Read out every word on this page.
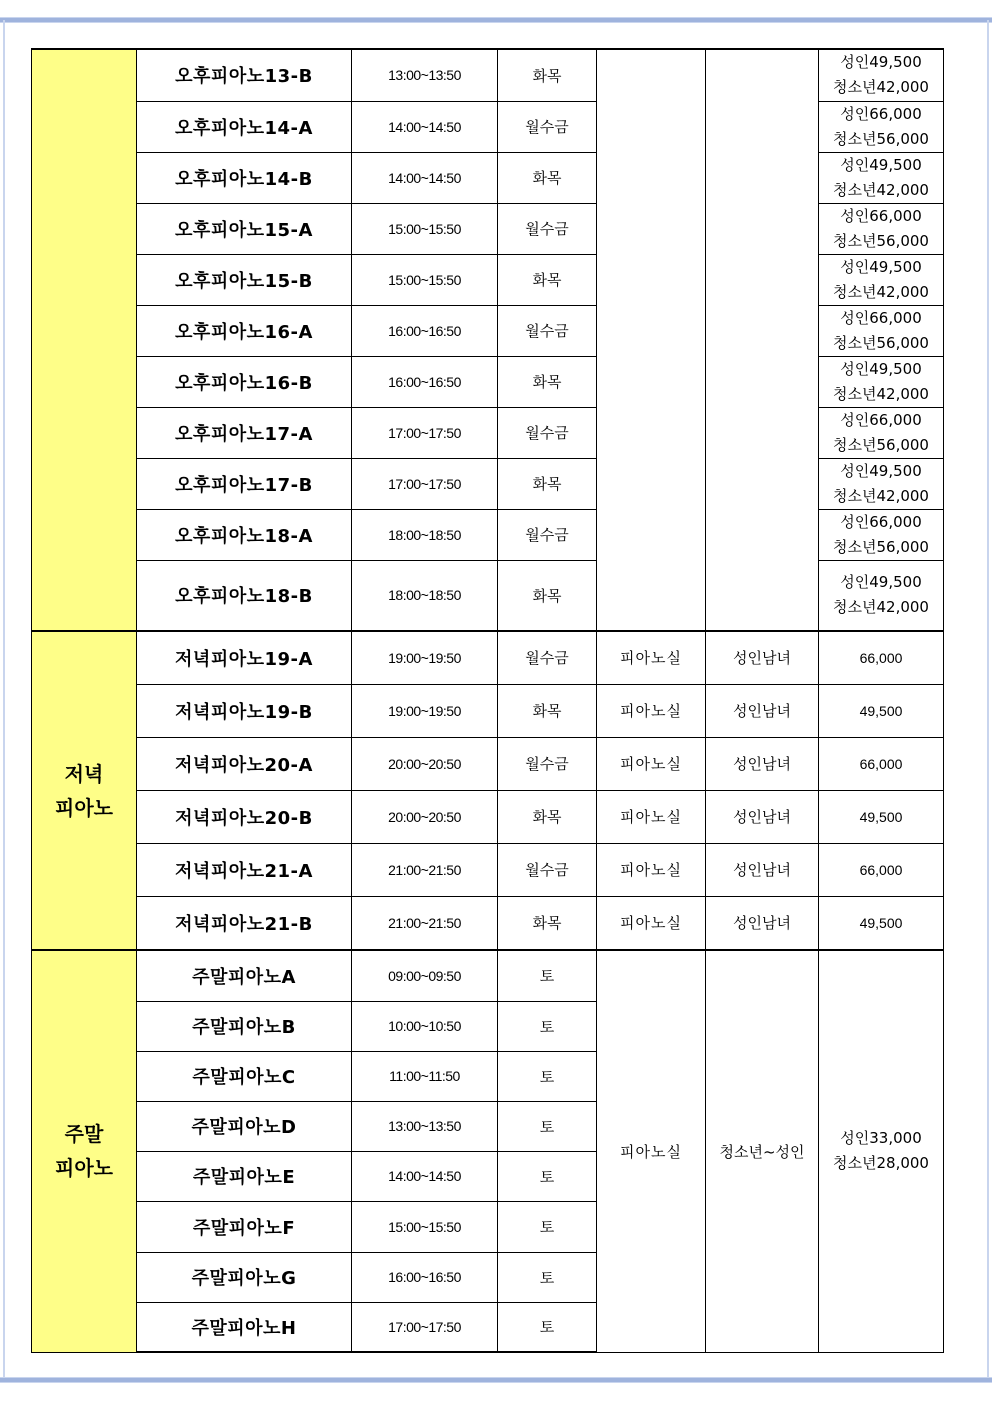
	오후피아노13-B	13:00~13:50	화목			성인49,500
청소년42,000

	오후피아노14-A	14:00~14:50	월수금			성인66,000
청소년56,000

	오후피아노14-B	14:00~14:50	화목			성인49,500
청소년42,000

	오후피아노15-A	15:00~15:50	월수금			성인66,000
청소년56,000

	오후피아노15-B	15:00~15:50	화목			성인49,500
청소년42,000

	오후피아노16-A	16:00~16:50	월수금			성인66,000
청소년56,000

	오후피아노16-B	16:00~16:50	화목			성인49,500
청소년42,000

	오후피아노17-A	17:00~17:50	월수금			성인66,000
청소년56,000

	오후피아노17-B	17:00~17:50	화목			성인49,500
청소년42,000

	오후피아노18-A	18:00~18:50	월수금			성인66,000
청소년56,000

	오후피아노18-B	18:00~18:50	화목			성인49,500
청소년42,000

저녁
피아노	저녁피아노19-A	19:00~19:50	월수금	피아노실	성인남녀	66,000
	저녁피아노19-B	19:00~19:50	화목	피아노실	성인남녀	49,500
	저녁피아노20-A	20:00~20:50	월수금	피아노실	성인남녀	66,000
	저녁피아노20-B	20:00~20:50	화목	피아노실	성인남녀	49,500
	저녁피아노21-A	21:00~21:50	월수금	피아노실	성인남녀	66,000
	저녁피아노21-B	21:00~21:50	화목	피아노실	성인남녀	49,500

주말
피아노	주말피아노A	09:00~09:50	토	피아노실	청소년~성인	성인33,000
청소년28,000

	주말피아노B	10:00~10:50	토			
	주말피아노C	11:00~11:50	토			
	주말피아노D	13:00~13:50	토			
	주말피아노E	14:00~14:50	토			
	주말피아노F	15:00~15:50	토			
	주말피아노G	16:00~16:50	토			
	주말피아노H	17:00~17:50	토			
